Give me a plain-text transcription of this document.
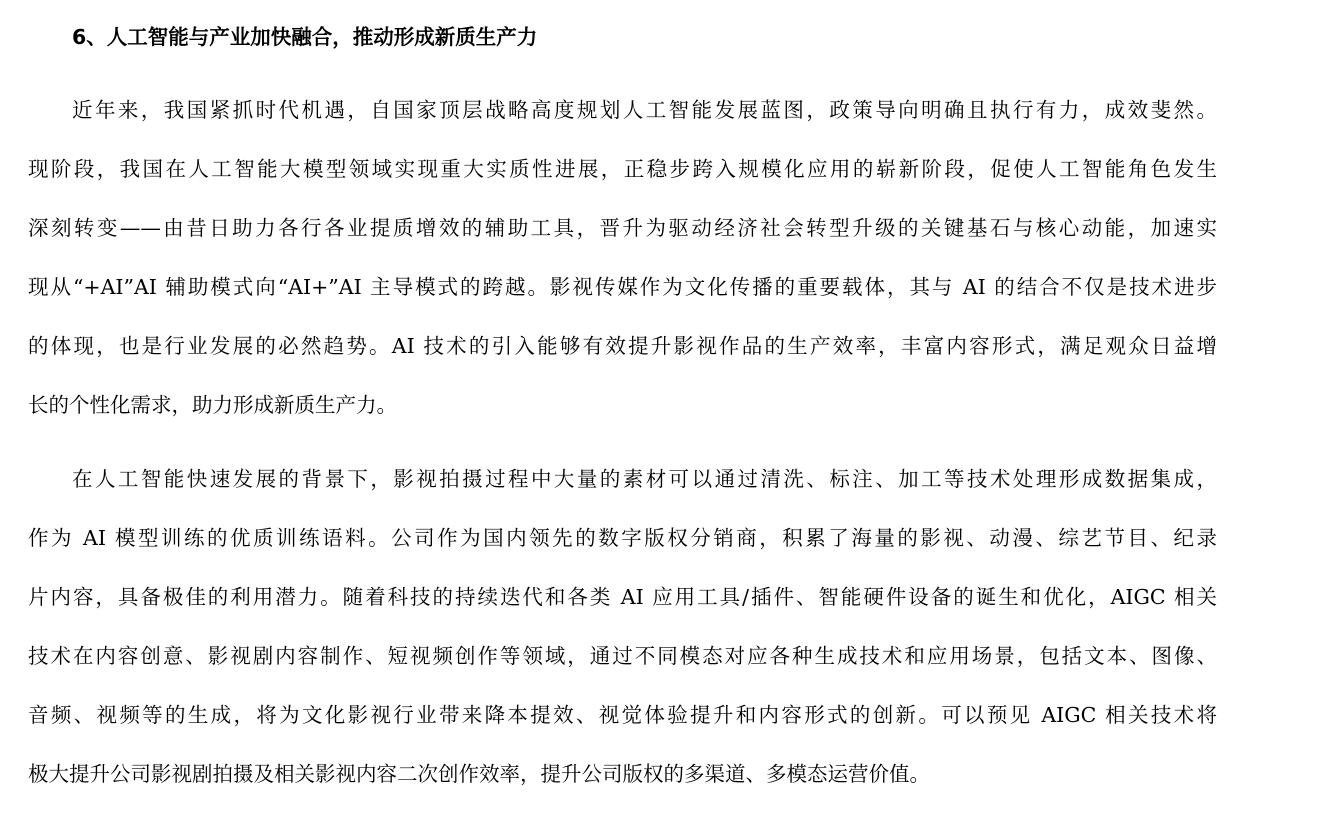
6、人工智能与产业加快融合，推动形成新质生产力
近年来，我国紧抓时代机遇，自国家顶层战略高度规划人工智能发展蓝图，政策导向明确且执行有力，成效斐然。
现阶段，我国在人工智能大模型领域实现重大实质性进展，正稳步跨入规模化应用的崭新阶段，促使人工智能角色发生
深刻转变——由昔日助力各行各业提质增效的辅助工具，晋升为驱动经济社会转型升级的关键基石与核心动能，加速实
现从“+AI”AI 辅助模式向“AI+”AI 主导模式的跨越。影视传媒作为文化传播的重要载体，其与 AI 的结合不仅是技术进步
的体现，也是行业发展的必然趋势。AI 技术的引入能够有效提升影视作品的生产效率，丰富内容形式，满足观众日益增
长的个性化需求，助力形成新质生产力。
在人工智能快速发展的背景下，影视拍摄过程中大量的素材可以通过清洗、标注、加工等技术处理形成数据集成，
作为 AI 模型训练的优质训练语料。公司作为国内领先的数字版权分销商，积累了海量的影视、动漫、综艺节目、纪录
片内容，具备极佳的利用潜力。随着科技的持续迭代和各类 AI 应用工具/插件、智能硬件设备的诞生和优化，AIGC 相关
技术在内容创意、影视剧内容制作、短视频创作等领域，通过不同模态对应各种生成技术和应用场景，包括文本、图像、
音频、视频等的生成，将为文化影视行业带来降本提效、视觉体验提升和内容形式的创新。可以预见 AIGC 相关技术将
极大提升公司影视剧拍摄及相关影视内容二次创作效率，提升公司版权的多渠道、多模态运营价值。
